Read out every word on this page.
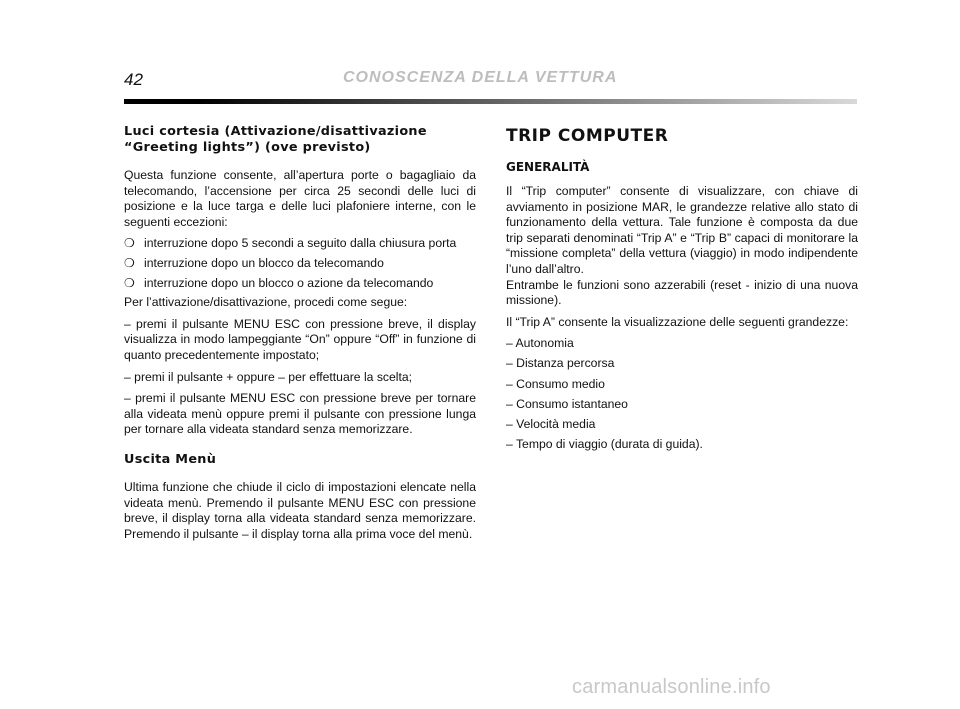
42	CONOSCENZA DELLA VETTURA
Luci cortesia (Attivazione/disattivazione “Greeting lights”) (ove previsto)

Questa funzione consente, all’apertura porte o bagagliaio da telecomando, l’accensione per circa 25 secondi delle luci di posizione e la luce targa e delle luci plafoniere interne, con le seguenti eccezioni:

❍ interruzione dopo 5 secondi a seguito dalla chiusura porta
❍ interruzione dopo un blocco da telecomando
❍ interruzione dopo un blocco o azione da telecomando

Per l’attivazione/disattivazione, procedi come segue:

– premi il pulsante MENU ESC con pressione breve, il display visualizza in modo lampeggiante “On” oppure “Off” in funzione di quanto precedentemente impostato;

– premi il pulsante + oppure – per effettuare la scelta;

– premi il pulsante MENU ESC con pressione breve per tornare alla videata menù oppure premi il pulsante con pressione lunga per tornare alla videata standard senza memorizzare.

Uscita Menù

Ultima funzione che chiude il ciclo di impostazioni elencate nella videata menù. Premendo il pulsante MENU ESC con pressione breve, il display torna alla videata standard senza memorizzare. Premendo il pulsante – il display torna alla prima voce del menù.

TRIP COMPUTER
GENERALITÀ

Il “Trip computer” consente di visualizzare, con chiave di avviamento in posizione MAR, le grandezze relative allo stato di funzionamento della vettura. Tale funzione è composta da due trip separati denominati “Trip A” e “Trip B” capaci di monitorare la “missione completa” della vettura (viaggio) in modo indipendente l’uno dall’altro.

Entrambe le funzioni sono azzerabili (reset - inizio di una nuova missione).

Il “Trip A” consente la visualizzazione delle seguenti grandezze:

– Autonomia
– Distanza percorsa
– Consumo medio
– Consumo istantaneo
– Velocità media
– Tempo di viaggio (durata di guida).
carmanualsonline.info
